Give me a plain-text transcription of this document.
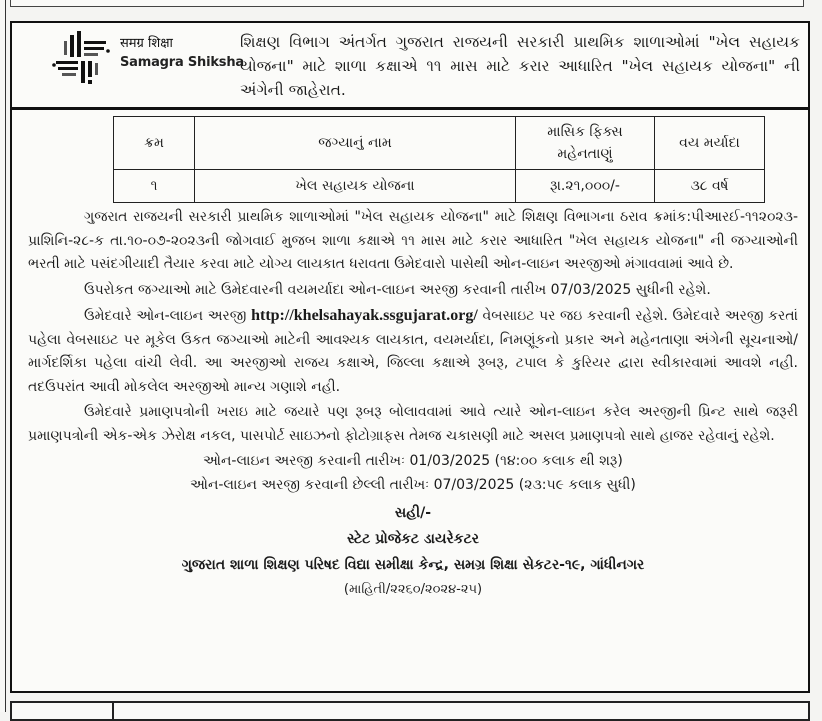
समग्र शिक्षा
Samagra Shiksha
શિક્ષણ વિભાગ અંતર્ગત ગુજરાત રાજયની સરકારી પ્રાથમિક શાળાઓમાં "ખેલ સહાયક યોજના" માટે શાળા કક્ષાએ ૧૧ માસ માટે કરાર આધારિત "ખેલ સહાયક યોજના" ની અંગેની જાહેરાત.
ક્રમ	જગ્યાનું નામ	માસિક ફિક્સ મહેનતાણું	વય મર્યાદા
૧	ખેલ સહાયક યોજના	રૂા.૨૧,૦૦૦/-	૩૮ વર્ષ

ગુજરાત રાજયની સરકારી પ્રાથમિક શાળાઓમાં "ખેલ સહાયક યોજના" માટે શિક્ષણ વિભાગના ઠરાવ ક્રમાંક:પીઆરઈ-૧૧૨૦૨૩-પ્રાશિનિ-૨૮-ક તા.૧૦-૦૭-૨૦૨૩ની જોગવાઈ મુજબ શાળા કક્ષાએ ૧૧ માસ માટે કરાર આધારિત "ખેલ સહાયક યોજના" ની જગ્યાઓની ભરતી માટે પસંદગીયાદી તૈયાર કરવા માટે યોગ્ય લાયકાત ધરાવતા ઉમેદવારો પાસેથી ઓન-લાઇન અરજીઓ મંગાવવામાં આવે છે.

ઉપરોકત જગ્યાઓ માટે ઉમેદવારની વયમર્યાદા ઓન-લાઇન અરજી કરવાની તારીખ 07/03/2025 સુધીની રહેશે.

ઉમેદવારે ઓન-લાઇન અરજી http://khelsahayak.ssgujarat.org/ વેબસાઇટ પર જઇ કરવાની રહેશે. ઉમેદવારે અરજી કરતાં પહેલા વેબસાઇટ પર મૂકેલ ઉકત જગ્યાઓ માટેની આવશ્યક લાયકાત, વયમર્યાદા, નિમણૂંકનો પ્રકાર અને મહેનતાણા અંગેની સૂચનાઓ/માર્ગદર્શિકા પહેલા વાંચી લેવી. આ અરજીઓ રાજય કક્ષાએ, જિલ્લા કક્ષાએ રૂબરૂ, ટપાલ કે કુરિયર દ્વારા સ્વીકારવામાં આવશે નહી. તદઉપરાંત આવી મોકલેલ અરજીઓ માન્ય ગણાશે નહી.

ઉમેદવારે પ્રમાણપત્રોની ખરાઇ માટે જયારે પણ રૂબરૂ બોલાવવામાં આવે ત્યારે ઓન-લાઇન કરેલ અરજીની પ્રિન્ટ સાથે જરૂરી પ્રમાણપત્રોની એક-એક ઝેરોક્ષ નકલ, પાસપોર્ટ સાઇઝનો ફોટોગ્રાફસ તેમજ ચકાસણી માટે અસલ પ્રમાણપત્રો સાથે હાજર રહેવાનું રહેશે.

ઓન-લાઇન અરજી કરવાની તારીખઃ 01/03/2025 (૧૪:૦૦ કલાક થી શરૂ)

ઓન-લાઇન અરજી કરવાની છેલ્લી તારીખઃ 07/03/2025 (૨૩:૫૯ કલાક સુધી)

સહી/-
સ્ટેટ પ્રોજેકટ ડાયરેકટર
ગુજરાત શાળા શિક્ષણ પરિષદ વિદ્યા સમીક્ષા કેન્દ્ર, સમગ્ર શિક્ષા સેકટર-૧૯, ગાંધીનગર
(માહિતી/૨૨૬૦/૨૦૨૪-૨૫)
